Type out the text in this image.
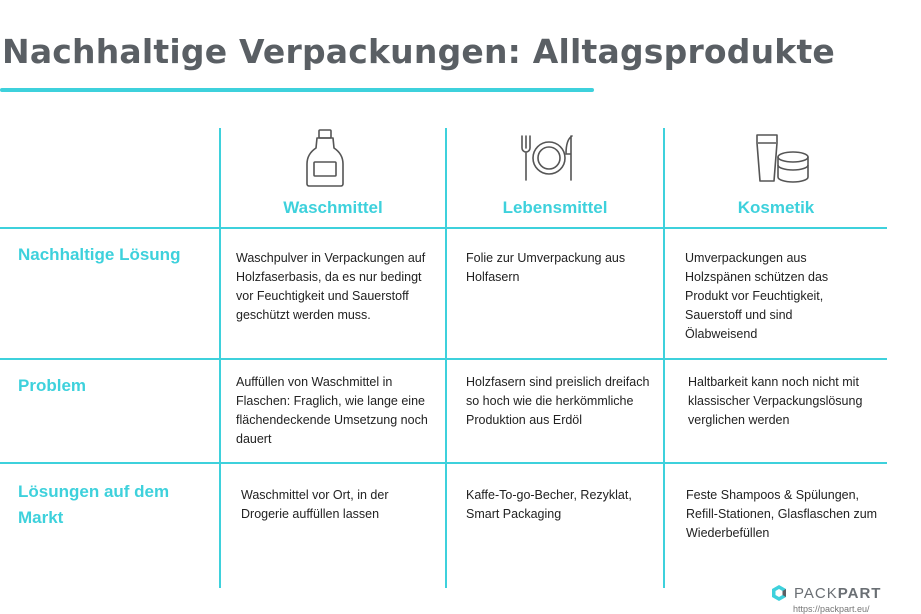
Nachhaltige Verpackungen: Alltagsprodukte
Waschmittel	Lebensmittel	Kosmetik
Nachhaltige Lösung
Problem
Lösungen auf dem Markt
Waschpulver in Verpackungen auf Holzfaserbasis, da es nur bedingt vor Feuchtigkeit und Sauerstoff geschützt werden muss.
Folie zur Umverpackung aus Holfasern
Umverpackungen aus Holzspänen schützen das Produkt vor Feuchtigkeit, Sauerstoff und sind Ölabweisend
Auffüllen von Waschmittel in Flaschen: Fraglich, wie lange eine flächendeckende Umsetzung noch dauert
Holzfasern sind preislich dreifach so hoch wie die herkömmliche Produktion aus Erdöl
Haltbarkeit kann noch nicht mit klassischer Verpackungslösung verglichen werden
Waschmittel vor Ort, in der Drogerie auffüllen lassen
Kaffe-To-go-Becher, Rezyklat, Smart Packaging
Feste Shampoos & Spülungen, Refill-Stationen, Glasflaschen zum Wiederbefüllen
PACKPART
https://packpart.eu/
